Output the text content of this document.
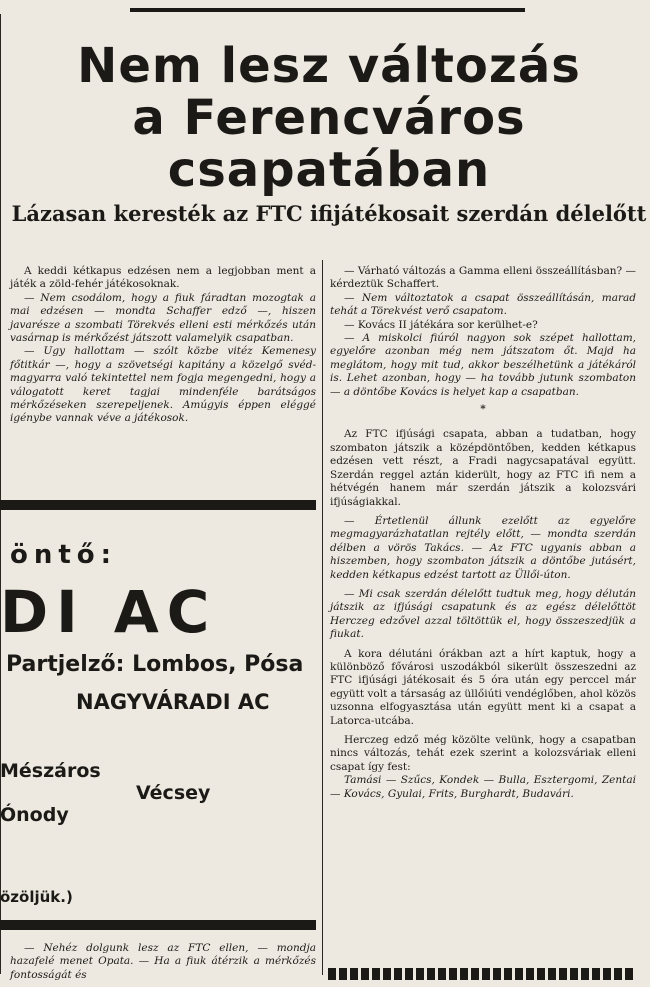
Nem lesz változás
a Ferencváros
csapatában
Lázasan keresték az FTC ifijátékosait szerdán délelőtt

A keddi kétkapus edzésen nem a legjobban ment a játék a zöld-fehér játékosoknak.

— Nem csodálom, hogy a fiuk fáradtan mozogtak a mai edzésen — mondta Schaffer edző —, hiszen javarésze a szombati Törekvés elleni esti mérkőzés után vasárnap is mérkőzést játszott valamelyik csapatban.

— Ugy hallottam — szólt közbe vitéz Kemenesy főtitkár —, hogy a szövetségi kapitány a közelgő svéd-magyarra való tekintettel nem fogja megengedni, hogy a válogatott keret tagjai mindenféle barátságos mérkőzéseken szerepeljenek. Amúgyis éppen eléggé igénybe vannak véve a játékosok.

öntő:
DI AC
Partjelző: Lombos, Pósa
NAGYVÁRADI AC
Mészáros
Vécsey
Ónody
özöljük.)

— Nehéz dolgunk lesz az FTC ellen, — mondja hazafelé menet Opata. — Ha a fiuk átérzik a mérkőzés fontosságát és

— Várható változás a Gamma elleni összeállításban? — kérdeztük Schaffert.

— Nem változtatok a csapat összeállításán, marad tehát a Törekvést verő csapatom.

— Kovács II játékára sor kerülhet-e?

— A miskolci fiúról nagyon sok szépet hallottam, egyelőre azonban még nem játszatom őt. Majd ha meglátom, hogy mit tud, akkor beszélhetünk a játékáról is. Lehet azonban, hogy — ha tovább jutunk szombaton — a döntőbe Kovács is helyet kap a csapatban.

*

Az FTC ifjúsági csapata, abban a tudatban, hogy szombaton játszik a középdöntőben, kedden kétkapus edzésen vett részt, a Fradi nagycsapatával együtt. Szerdán reggel aztán kiderült, hogy az FTC ifi nem a hétvégén hanem már szerdán játszik a kolozsvári ifjúságiakkal.

— Értetlenül állunk ezelőtt az egyelőre megmagyarázhatatlan rejtély előtt, — mondta szerdán délben a vörös Takács. — Az FTC ugyanis abban a hiszemben, hogy szombaton játszik a döntőbe jutásért, kedden kétkapus edzést tartott az Üllői-úton.

— Mi csak szerdán délelőtt tudtuk meg, hogy délután játszik az ifjúsági csapatunk és az egész délelőttöt Herczeg edzővel azzal töltöttük el, hogy összeszedjük a fiukat.

A kora délutáni órákban azt a hírt kaptuk, hogy a különböző fővárosi uszodákból sikerült összeszedni az FTC ifjúsági játékosait és 5 óra után egy perccel már együtt volt a társaság az üllőiúti vendéglőben, ahol közös uzsonna elfogyasztása után együtt ment ki a csapat a Latorca-utcába.

Herczeg edző még közölte velünk, hogy a csapatban nincs változás, tehát ezek szerint a kolozsváriak elleni csapat így fest:

Tamási — Szűcs, Kondek — Bulla, Esztergomi, Zentai — Kovács, Gyulai, Frits, Burghardt, Budavári.
